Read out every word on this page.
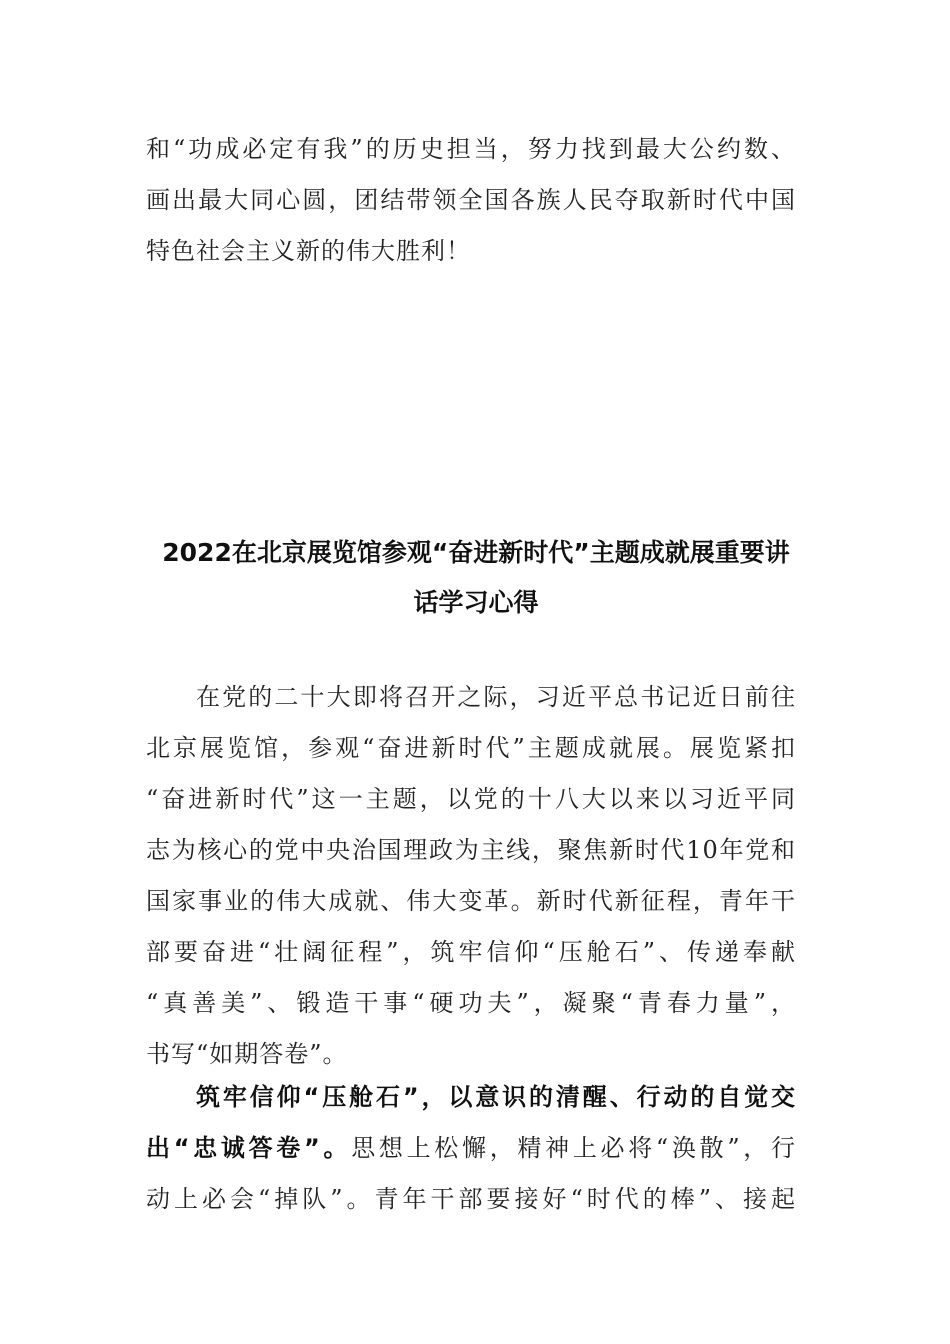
和“功成必定有我”的历史担当，努力找到最大公约数、
画出最大同心圆，团结带领全国各族人民夺取新时代中国
特色社会主义新的伟大胜利！
2022在北京展览馆参观“奋进新时代”主题成就展重要讲
话学习心得
在党的二十大即将召开之际，习近平总书记近日前往
北京展览馆，参观“奋进新时代”主题成就展。展览紧扣
“奋进新时代”这一主题，以党的十八大以来以习近平同
志为核心的党中央治国理政为主线，聚焦新时代10年党和
国家事业的伟大成就、伟大变革。新时代新征程，青年干
部要奋进“壮阔征程”，筑牢信仰“压舱石”、传递奉献
“真善美”、锻造干事“硬功夫”，凝聚“青春力量”，
书写“如期答卷”。
筑牢信仰“压舱石”，以意识的清醒、行动的自觉交
出“忠诚答卷”。思想上松懈，精神上必将“涣散”，行
动上必会“掉队”。青年干部要接好“时代的棒”、接起
